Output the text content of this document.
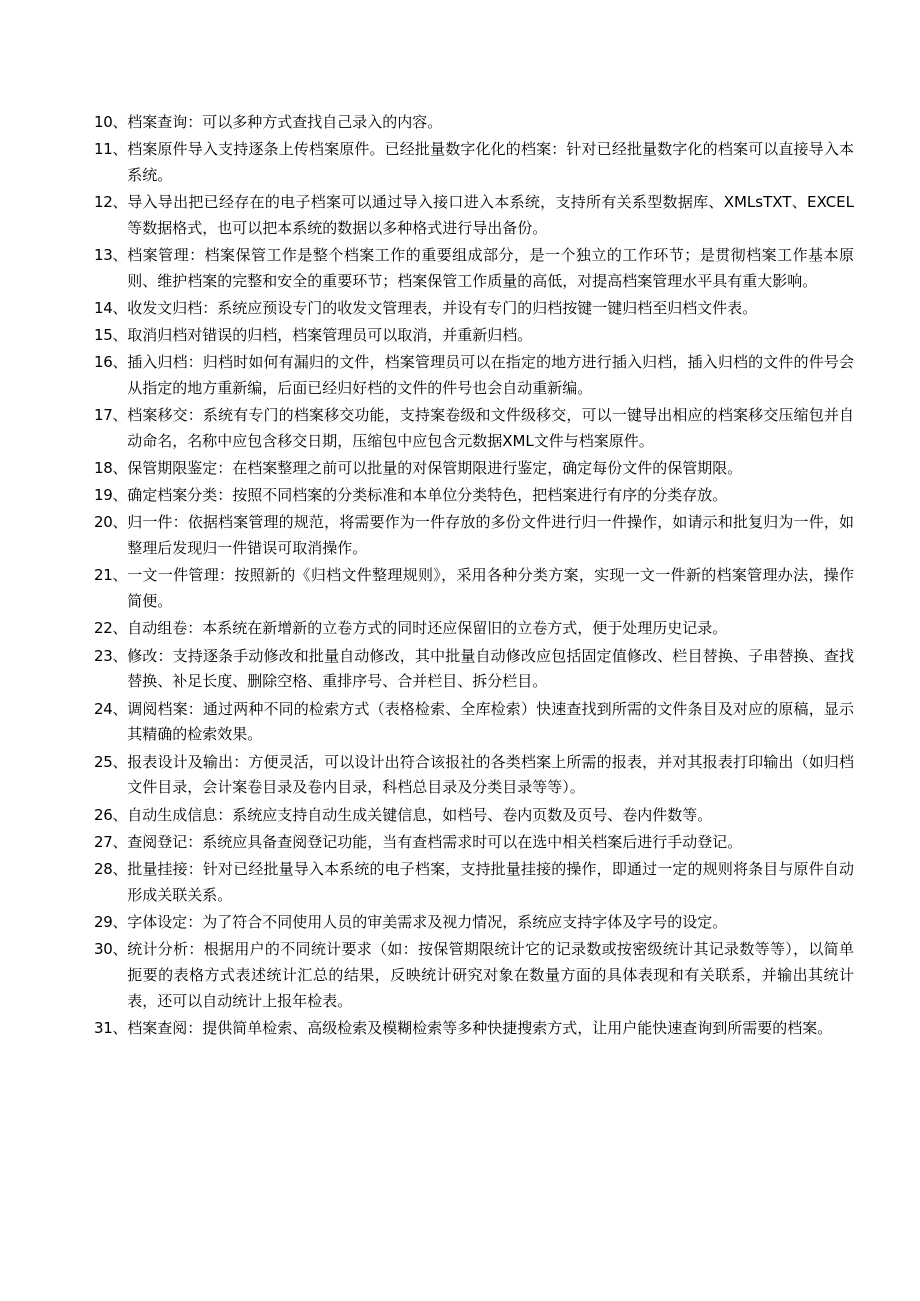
10、 档案查询：可以多种方式查找自己录入的内容。
11、 档案原件导入支持逐条上传档案原件。已经批量数字化化的档案：针对已经批量数字化的档案可以直接导入本系统。
12、 导入导出把已经存在的电子档案可以通过导入接口进入本系统，支持所有关系型数据库、XMLsTXT、EXCEL等数据格式，也可以把本系统的数据以多种格式进行导出备份。
13、 档案管理：档案保管工作是整个档案工作的重要组成部分，是一个独立的工作环节；是贯彻档案工作基本原则、维护档案的完整和安全的重要环节；档案保管工作质量的高低，对提高档案管理水平具有重大影响。
14、 收发文归档：系统应预设专门的收发文管理表，并设有专门的归档按键一键归档至归档文件表。
15、 取消归档对错误的归档，档案管理员可以取消，并重新归档。
16、 插入归档：归档时如何有漏归的文件，档案管理员可以在指定的地方进行插入归档，插入归档的文件的件号会从指定的地方重新编，后面已经归好档的文件的件号也会自动重新编。
17、 档案移交：系统有专门的档案移交功能，支持案卷级和文件级移交，可以一键导出相应的档案移交压缩包并自动命名，名称中应包含移交日期，压缩包中应包含元数据XML文件与档案原件。
18、 保管期限鉴定：在档案整理之前可以批量的对保管期限进行鉴定，确定每份文件的保管期限。
19、 确定档案分类：按照不同档案的分类标准和本单位分类特色，把档案进行有序的分类存放。
20、 归一件：依据档案管理的规范，将需要作为一件存放的多份文件进行归一件操作，如请示和批复归为一件，如整理后发现归一件错误可取消操作。
21、 一文一件管理：按照新的《归档文件整理规则》，采用各种分类方案，实现一文一件新的档案管理办法，操作简便。
22、 自动组卷：本系统在新增新的立卷方式的同时还应保留旧的立卷方式，便于处理历史记录。
23、 修改：支持逐条手动修改和批量自动修改，其中批量自动修改应包括固定值修改、栏目替换、子串替换、查找替换、补足长度、删除空格、重排序号、合并栏目、拆分栏目。
24、 调阅档案：通过两种不同的检索方式（表格检索、全库检索）快速查找到所需的文件条目及对应的原稿，显示其精确的检索效果。
25、 报表设计及输出：方便灵活，可以设计出符合该报社的各类档案上所需的报表，并对其报表打印输出（如归档文件目录，会计案卷目录及卷内目录，科档总目录及分类目录等等）。
26、 自动生成信息：系统应支持自动生成关键信息，如档号、卷内页数及页号、卷内件数等。
27、 查阅登记：系统应具备查阅登记功能，当有查档需求时可以在选中相关档案后进行手动登记。
28、 批量挂接：针对已经批量导入本系统的电子档案，支持批量挂接的操作，即通过一定的规则将条目与原件自动形成关联关系。
29、 字体设定：为了符合不同使用人员的审美需求及视力情况，系统应支持字体及字号的设定。
30、 统计分析：根据用户的不同统计要求（如：按保管期限统计它的记录数或按密级统计其记录数等等），以简单扼要的表格方式表述统计汇总的结果，反映统计研究对象在数量方面的具体表现和有关联系，并输出其统计表，还可以自动统计上报年检表。
31、 档案查阅：提供简单检索、高级检索及模糊检索等多种快捷搜索方式，让用户能快速查询到所需要的档案。
